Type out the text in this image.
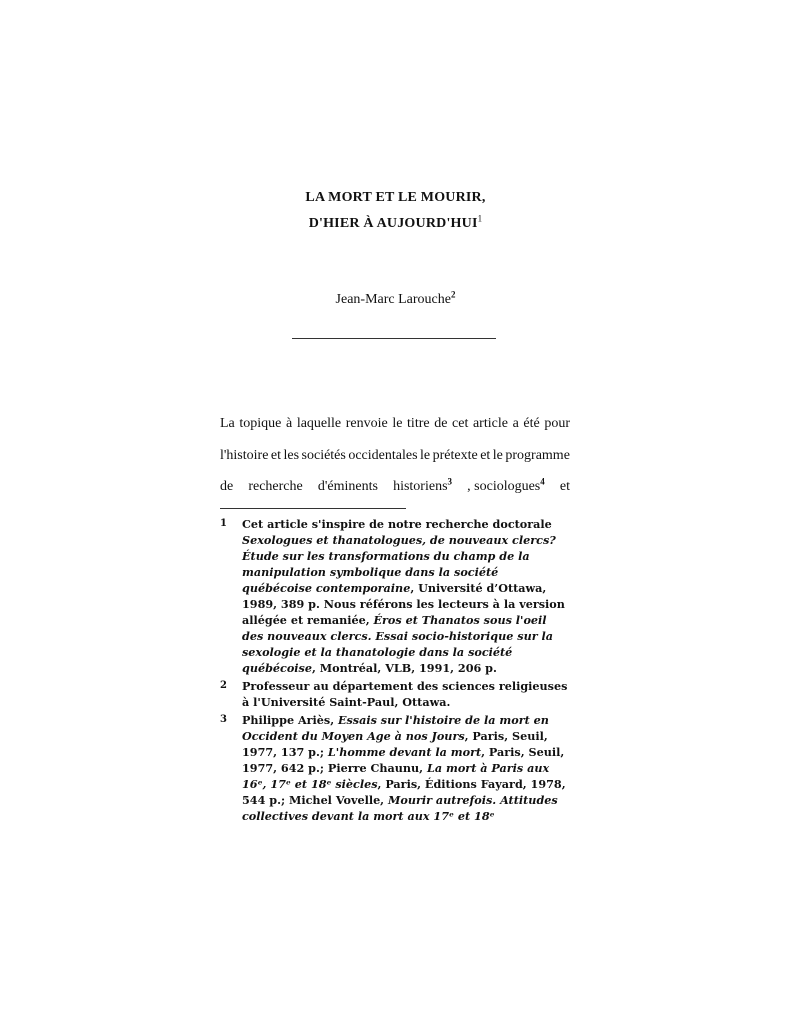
LA MORT ET LE MOURIR,
D'HIER À AUJOURD'HUI$^1$
Jean-Marc Larouche$^2$
La topique à laquelle renvoie le titre de cet article a été pour
l'histoire et les sociétés occidentales le prétexte et le programme
de recherche d'éminents historiens$^3$ , sociologues$^4$ et
1	Cet article s'inspire de notre recherche doctorale Sexologues et thanatologues, de nouveaux clercs? Étude sur les transformations du champ de la manipulation symbolique dans la société québécoise contemporaine, Université d’Ottawa, 1989, 389 p. Nous référons les lecteurs à la version allégée et remaniée, Éros et Thanatos sous l'oeil des nouveaux clercs. Essai socio-historique sur la sexologie et la thanatologie dans la société québécoise, Montréal, VLB, 1991, 206 p.
2	Professeur au département des sciences religieuses à l'Université Saint-Paul, Ottawa.
3	Philippe Ariès, Essais sur l'histoire de la mort en Occident du Moyen Age à nos Jours, Paris, Seuil, 1977, 137 p.; L'homme devant la mort, Paris, Seuil, 1977, 642 p.; Pierre Chaunu, La mort à Paris aux 16ᵉ, 17ᵉ et 18ᵉ siècles, Paris, Éditions Fayard, 1978, 544 p.; Michel Vovelle, Mourir autrefois. Attitudes collectives devant la mort aux 17ᵉ et 18ᵉ
